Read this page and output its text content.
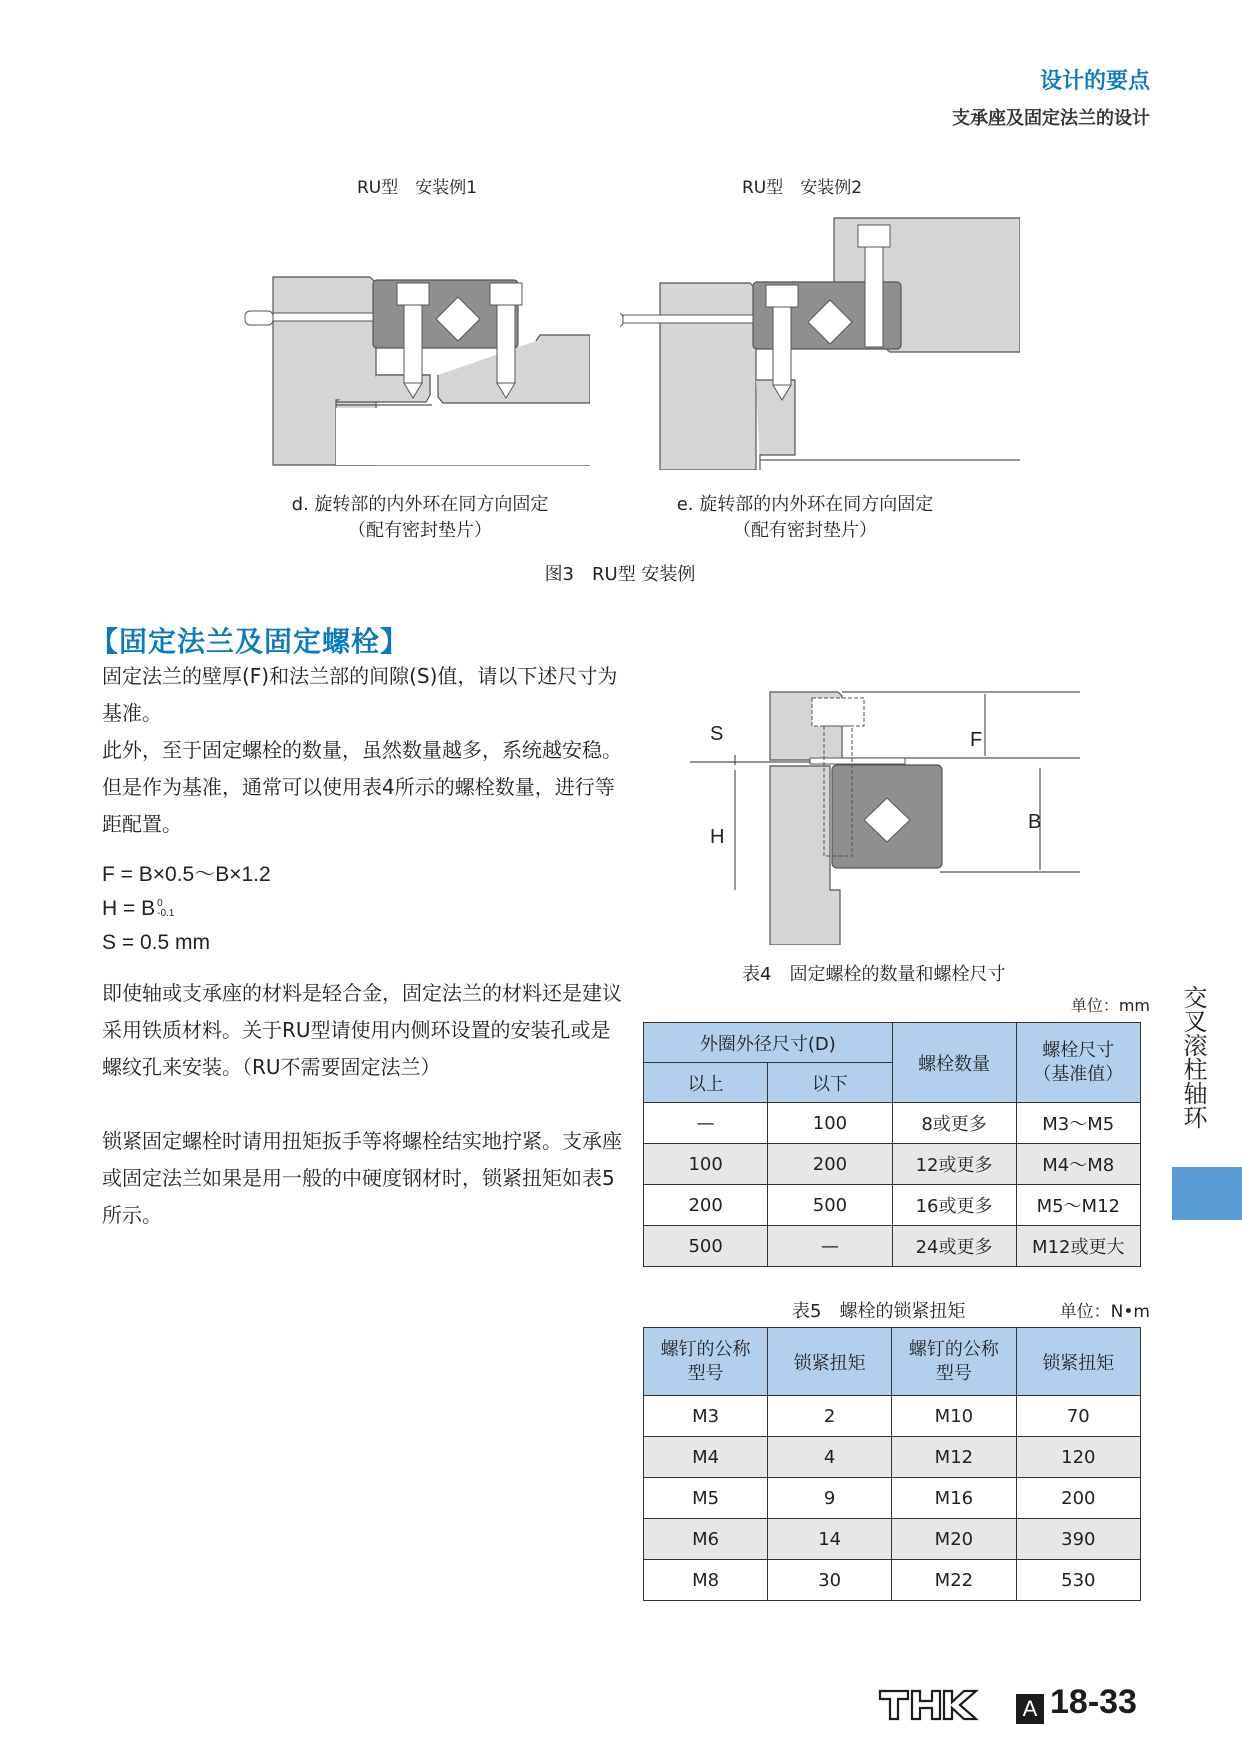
设计的要点
支承座及固定法兰的设计
RU型　安装例1	RU型　安装例2
d. 旋转部的内外环在同方向固定
（配有密封垫片）
e. 旋转部的内外环在同方向固定
（配有密封垫片）
图3　RU型 安装例
【固定法兰及固定螺栓】
固定法兰的壁厚(F)和法兰部的间隙(S)值，请以下述尺寸为基准。
此外，至于固定螺栓的数量，虽然数量越多，系统越安稳。但是作为基准，通常可以使用表4所示的螺栓数量，进行等距配置。
F = B×0.5～B×1.2
H = B 0
-0.1
S = 0.5 mm
即使轴或支承座的材料是轻合金，固定法兰的材料还是建议采用铁质材料。关于RU型请使用内侧环设置的安装孔或是螺纹孔来安装。（RU不需要固定法兰）
锁紧固定螺栓时请用扭矩扳手等将螺栓结实地拧紧。支承座或固定法兰如果是用一般的中硬度钢材时，锁紧扭矩如表5所示。
S
H
F
B
表4　固定螺栓的数量和螺栓尺寸
单位：mm
外圈外径尺寸(D)		螺栓数量	螺栓尺寸
（基准值）

以上	以下		
—	100	8或更多	M3～M5
100	200	12或更多	M4～M8
200	500	16或更多	M5～M12
500	—	24或更多	M12或更大
表5　螺栓的锁紧扭矩	单位：N•m
螺钉的公称
型号	锁紧扭矩	
螺钉的公称
型号	锁紧扭矩
M3	2	M10	70
M4	4	M12	120
M5	9	M16	200
M6	14	M20	390
M8	30	M22	530
交叉滚柱轴环
A 18-33
